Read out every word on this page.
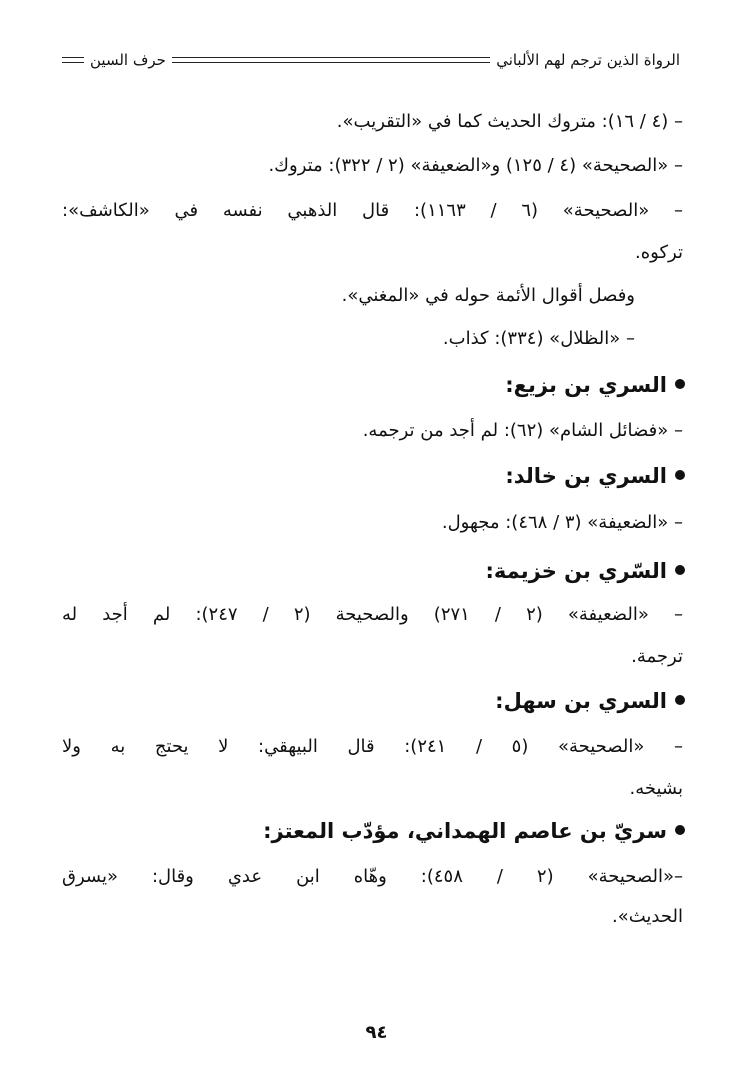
الرواة الذين ترجم لهم الألباني
حرف السين
– (٤ / ١٦): متروك الحديث كما في «التقريب».
– «الصحيحة» (٤ / ١٢٥) و«الضعيفة» (٢ / ٣٢٢): متروك.
– «الصحيحة» (٦ / ١١٦٣): قال الذهبي نفسه في «الكاشف»:
تركوه.
وفصل أقوال الأئمة حوله في «المغني».
– «الظلال» (٣٣٤): كذاب.
السري بن بزيع:
– «فضائل الشام» (٦٢): لم أجد من ترجمه.
السري بن خالد:
– «الضعيفة» (٣ / ٤٦٨): مجهول.
السّري بن خزيمة:
– «الضعيفة» (٢ / ٢٧١) والصحيحة (٢ / ٢٤٧): لم أجد له
ترجمة.
السري بن سهل:
– «الصحيحة» (٥ / ٢٤١): قال البيهقي: لا يحتج به ولا
بشيخه.
سريّ بن عاصم الهمداني، مؤدّب المعتز:
–«الصحيحة» (٢ / ٤٥٨): وهّاه ابن عدي وقال: «يسرق
الحديث».
٩٤
